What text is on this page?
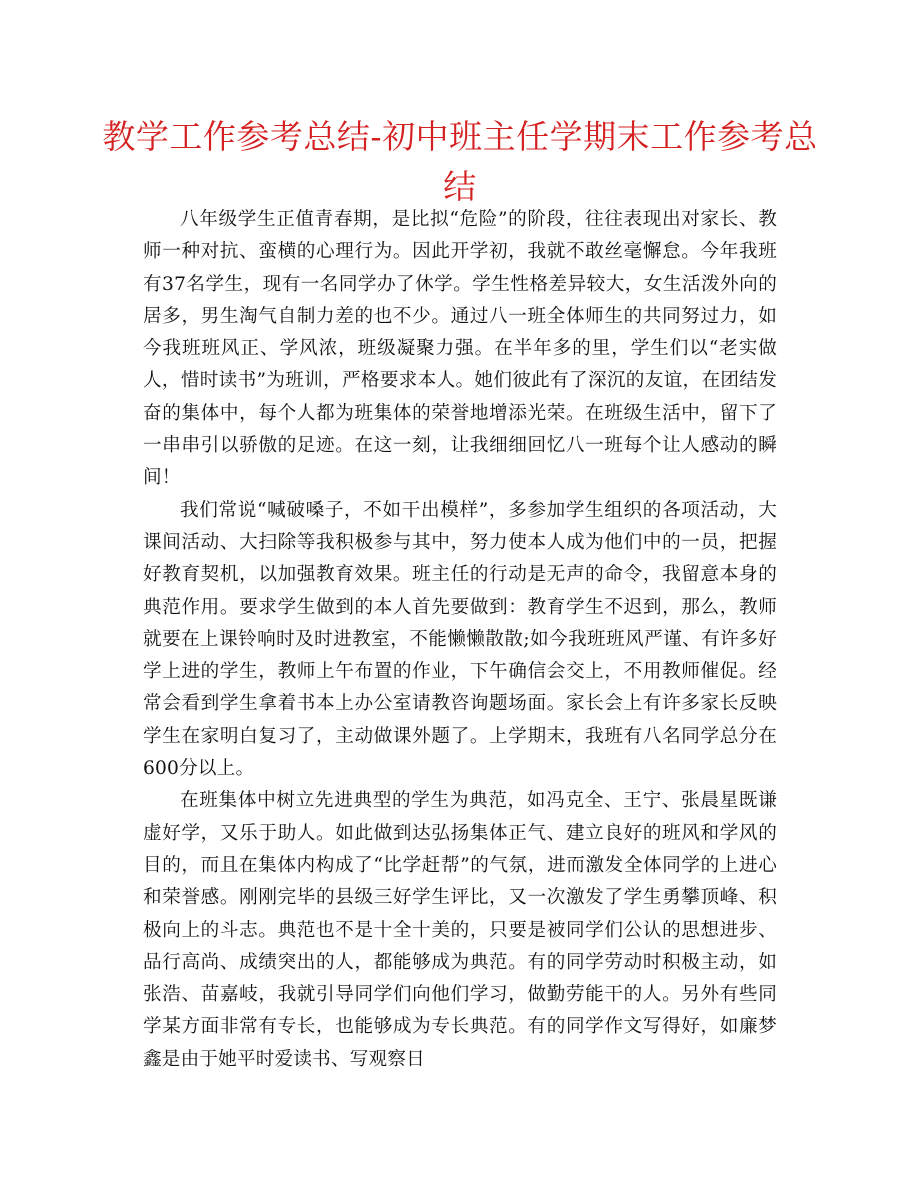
教学工作参考总结-初中班主任学期末工作参考总结

八年级学生正值青春期，是比拟“危险”的阶段，往往表现出对家长、教师一种对抗、蛮横的心理行为。因此开学初，我就不敢丝毫懈怠。今年我班有37名学生，现有一名同学办了休学。学生性格差异较大，女生活泼外向的居多，男生淘气自制力差的也不少。通过八一班全体师生的共同努过力，如今我班班风正、学风浓，班级凝聚力强。在半年多的里，学生们以“老实做人，惜时读书”为班训，严格要求本人。她们彼此有了深沉的友谊，在团结发奋的集体中，每个人都为班集体的荣誉地增添光荣。在班级生活中，留下了一串串引以骄傲的足迹。在这一刻，让我细细回忆八一班每个让人感动的瞬间！

我们常说“喊破嗓子，不如干出模样”，多参加学生组织的各项活动，大课间活动、大扫除等我积极参与其中，努力使本人成为他们中的一员，把握好教育契机，以加强教育效果。班主任的行动是无声的命令，我留意本身的典范作用。要求学生做到的本人首先要做到：教育学生不迟到，那么，教师就要在上课铃响时及时进教室，不能懒懒散散;如今我班班风严谨、有许多好学上进的学生，教师上午布置的作业，下午确信会交上，不用教师催促。经常会看到学生拿着书本上办公室请教咨询题场面。家长会上有许多家长反映学生在家明白复习了，主动做课外题了。上学期末，我班有八名同学总分在600分以上。

在班集体中树立先进典型的学生为典范，如冯克全、王宁、张晨星既谦虚好学，又乐于助人。如此做到达弘扬集体正气、建立良好的班风和学风的目的，而且在集体内构成了“比学赶帮”的气氛，进而激发全体同学的上进心和荣誉感。刚刚完毕的县级三好学生评比，又一次激发了学生勇攀顶峰、积极向上的斗志。典范也不是十全十美的，只要是被同学们公认的思想进步、品行高尚、成绩突出的人，都能够成为典范。有的同学劳动时积极主动，如张浩、苗嘉岐，我就引导同学们向他们学习，做勤劳能干的人。另外有些同学某方面非常有专长，也能够成为专长典范。有的同学作文写得好，如廉梦鑫是由于她平时爱读书、写观察日
